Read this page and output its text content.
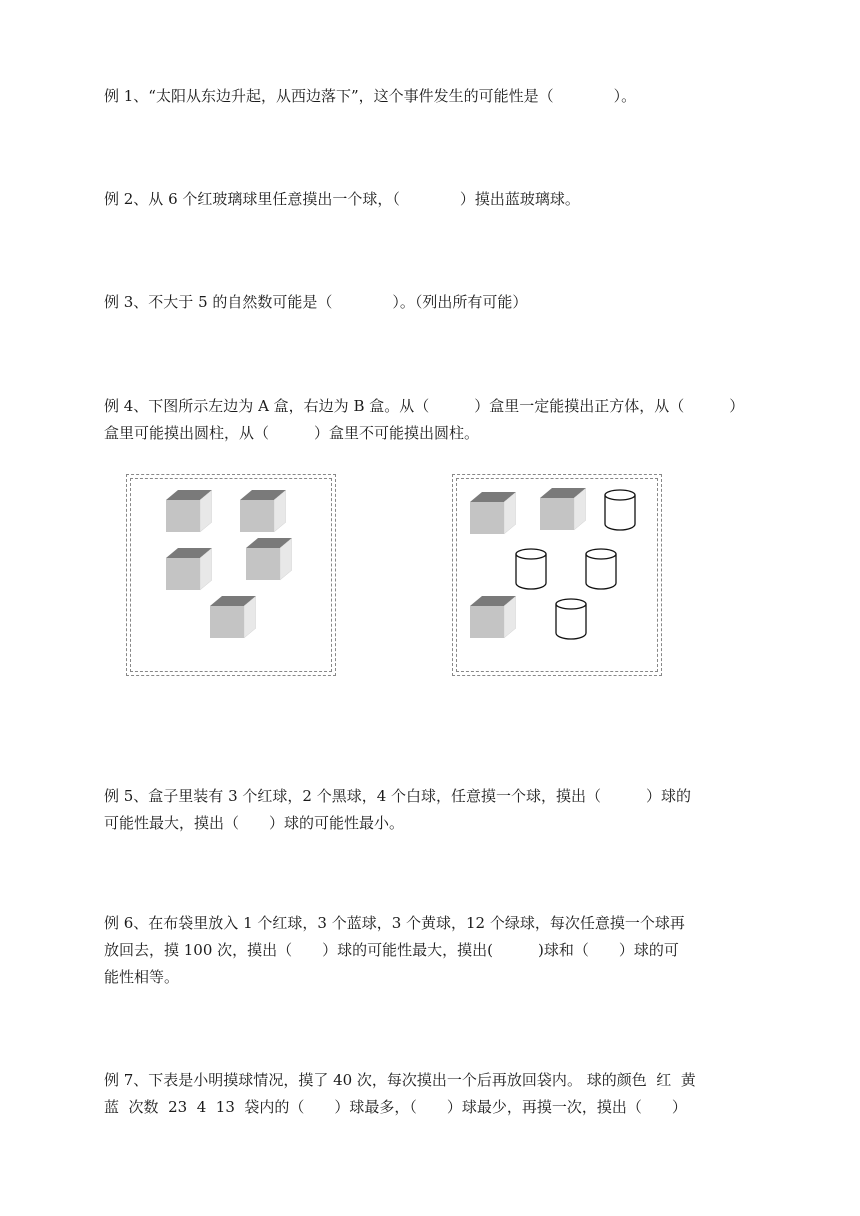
例 1、“太阳从东边升起，从西边落下”，这个事件发生的可能性是（　　　　）。
例 2、从 6 个红玻璃球里任意摸出一个球，（　　　　）摸出蓝玻璃球。
例 3、不大于 5 的自然数可能是（　　　　）。（列出所有可能）
例 4、下图所示左边为 A 盒，右边为 B 盒。从（　　　）盒里一定能摸出正方体，从（　　　）
盒里可能摸出圆柱，从（　　　）盒里不可能摸出圆柱。
例 5、盒子里装有 3 个红球，2 个黑球，4 个白球，任意摸一个球，摸出（　　　）球的
可能性最大，摸出（　　）球的可能性最小。
例 6、在布袋里放入 1 个红球，3 个蓝球，3 个黄球，12 个绿球，每次任意摸一个球再
放回去，摸 100 次，摸出（　　）球的可能性最大，摸出(　　　)球和（　　）球的可
能性相等。
例 7、下表是小明摸球情况，摸了 40 次，每次摸出一个后再放回袋内。 球的颜色  红  黄
蓝  次数  23  4  13  袋内的（　　）球最多，（　　）球最少，再摸一次，摸出（　　）
